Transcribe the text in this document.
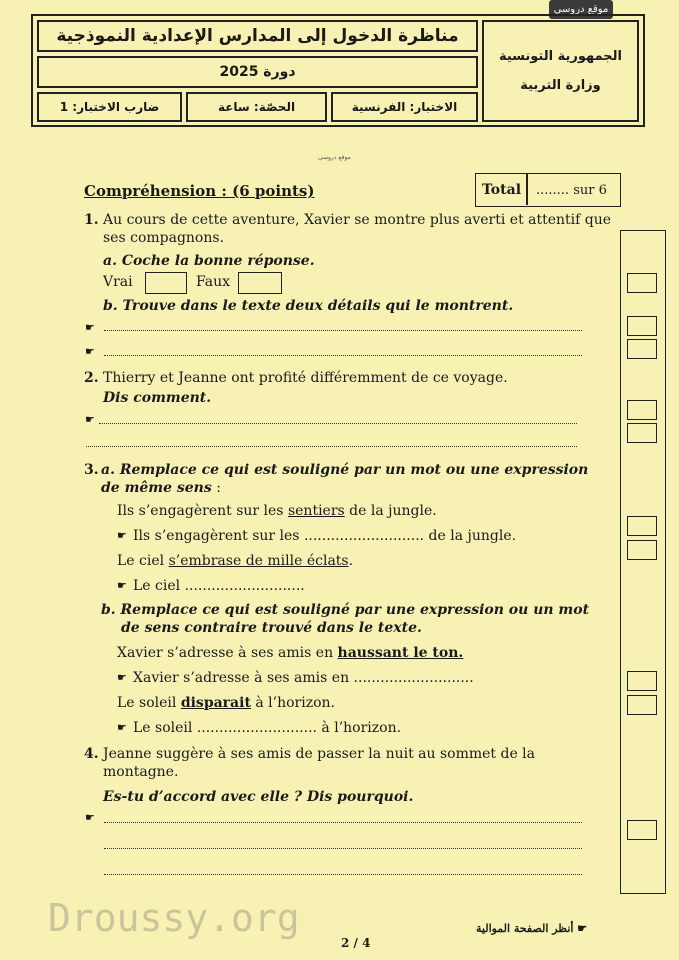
موقع دروسي
مناظرة الدخول إلى المدارس الإعدادية النموذجية
دورة 2025
الاختبار: الفرنسية
الحصّة: ساعة
ضارب الاختبار: 1
الجمهورية التونسية
وزارة التربية
موقع دروسي
Compréhension : (6 points)	Total ........ sur 6
1. Au cours de cette aventure, Xavier se montre plus averti et attentif que
ses compagnons.
a. Coche la bonne réponse.
Vrai	Faux
b. Trouve dans le texte deux détails qui le montrent.
☛
☛
2. Thierry et Jeanne ont profité différemment de ce voyage.
Dis comment.
☛
3. a. Remplace ce qui est souligné par un mot ou une expression
de même sens :
Ils s’engagèrent sur les sentiers de la jungle.
☛ Ils s’engagèrent sur les ........................... de la jungle.
Le ciel s’embrase de mille éclats.
☛ Le ciel ...........................
b. Remplace ce qui est souligné par une expression ou un mot
de sens contraire trouvé dans le texte.
Xavier s’adresse à ses amis en haussant le ton.
☛ Xavier s’adresse à ses amis en ...........................
Le soleil disparait à l’horizon.
☛ Le soleil ........................... à l’horizon.
4. Jeanne suggère à ses amis de passer la nuit au sommet de la
montagne.
Es-tu d’accord avec elle ? Dis pourquoi.
☛
Droussy.org
2 / 4
☛ أنظر الصفحة الموالية
